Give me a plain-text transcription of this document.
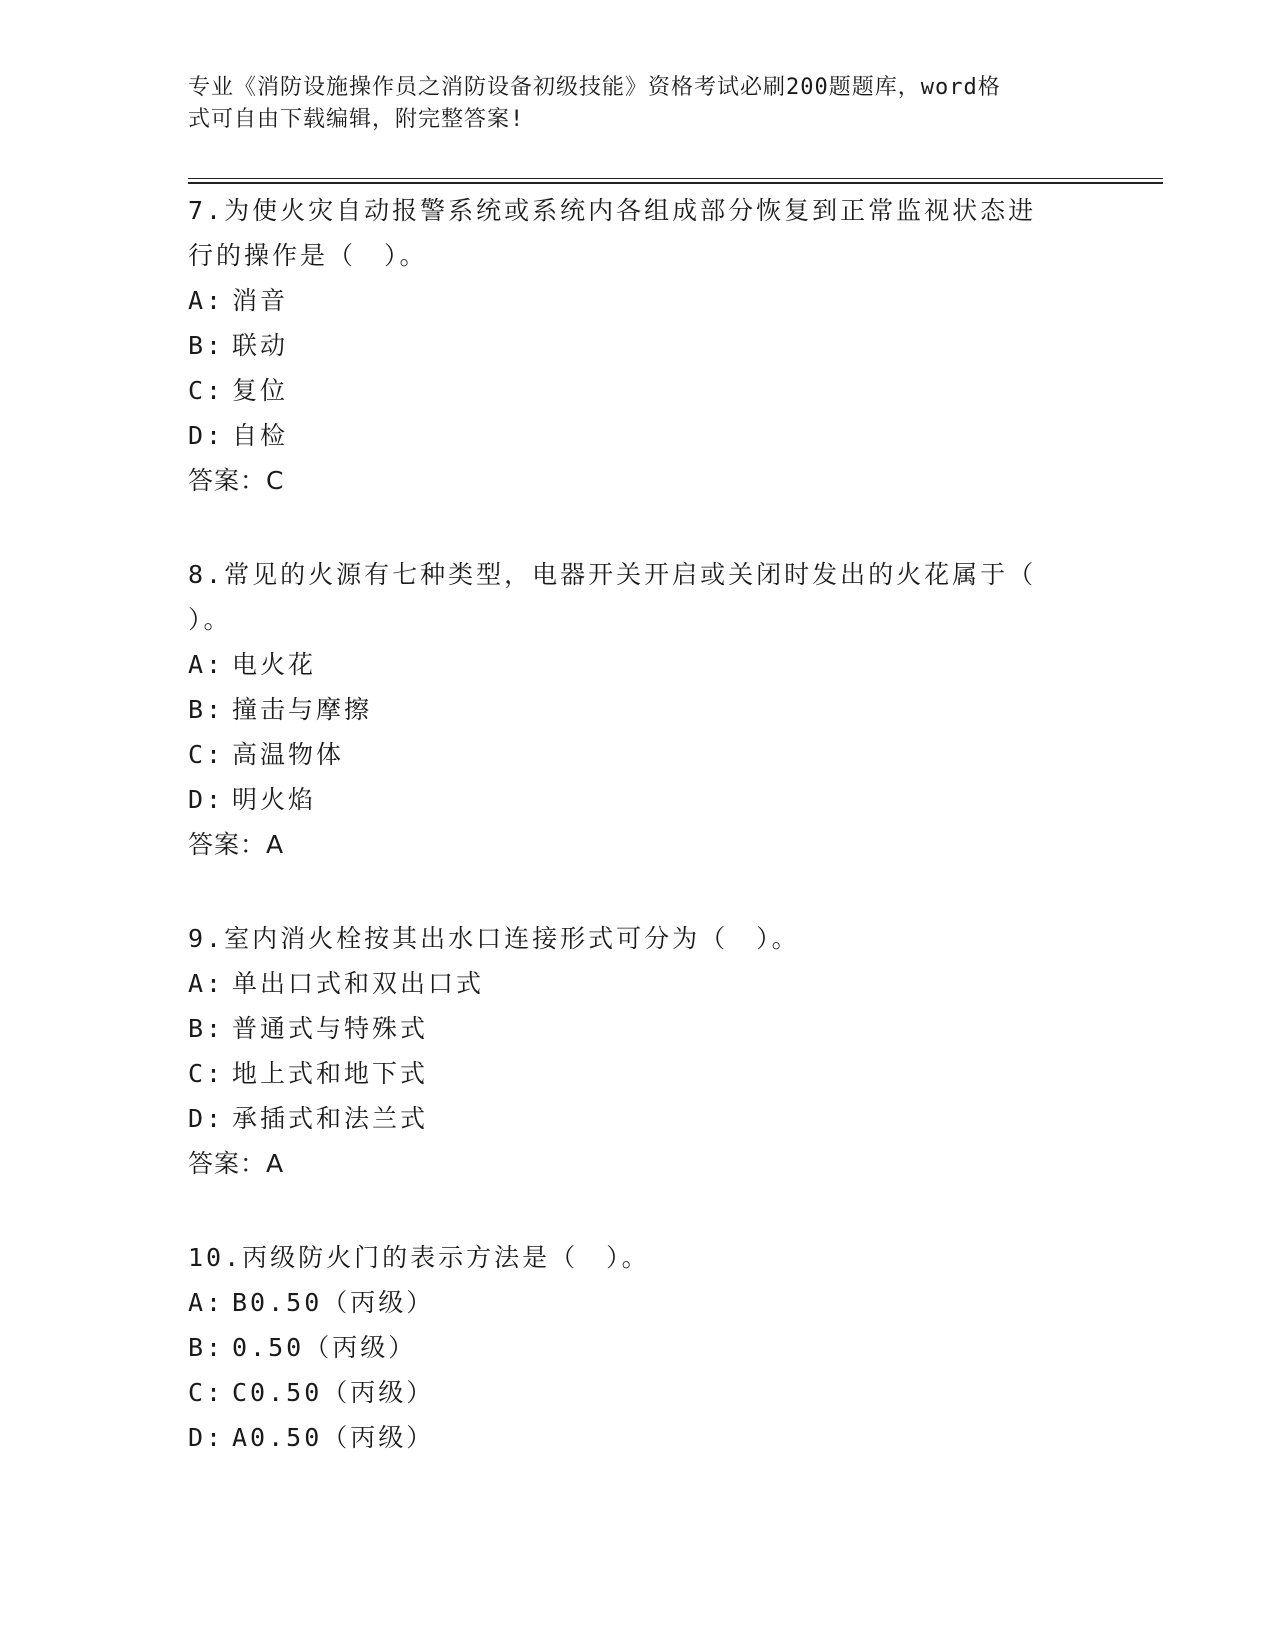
专业《消防设施操作员之消防设备初级技能》资格考试必刷200题题库，word格
式可自由下载编辑，附完整答案!
7.为使火灾自动报警系统或系统内各组成部分恢复到正常监视状态进
行的操作是（　）。
A: 消音
B: 联动
C: 复位
D: 自检
答案：C
8.常见的火源有七种类型，电器开关开启或关闭时发出的火花属于（
）。
A: 电火花
B: 撞击与摩擦
C: 高温物体
D: 明火焰
答案：A
9.室内消火栓按其出水口连接形式可分为（　）。
A: 单出口式和双出口式
B: 普通式与特殊式
C: 地上式和地下式
D: 承插式和法兰式
答案：A
10.丙级防火门的表示方法是（　）。
A: B0.50（丙级）
B: 0.50（丙级）
C: C0.50（丙级）
D: A0.50（丙级）
